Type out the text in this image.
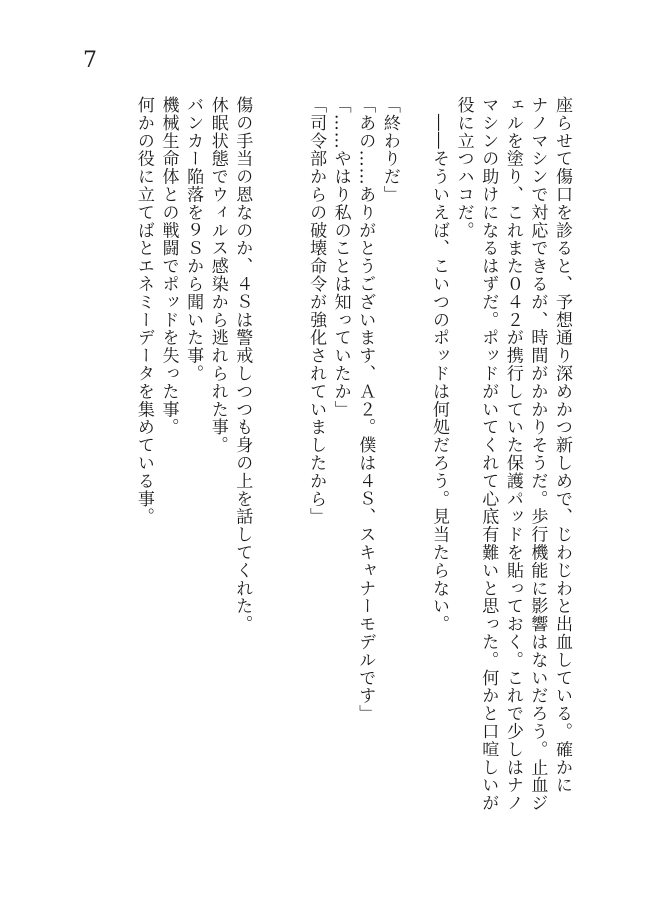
7
座らせて傷口を診ると、予想通り深めかつ新しめで、じわじわと出血している。確かに
ナノマシンで対応できるが、時間がかかりそうだ。歩行機能に影響はないだろう。止血ジ
ェルを塗り、これまた０４２が携行していた保護パッドを貼っておく。これで少しはナノ
マシンの助けになるはずだ。ポッドがいてくれて心底有難いと思った。何かと口喧しいが
役に立つハコだ。
　――そういえば、こいつのポッドは何処だろう。見当たらない。
「終わりだ」
「あの……ありがとうございます、Ａ２。僕は４Ｓ、スキャナーモデルです」
「……やはり私のことは知っていたか」
「司令部からの破壊命令が強化されていましたから」
傷の手当の恩なのか、４Ｓは警戒しつつも身の上を話してくれた。
休眠状態でウィルス感染から逃れられた事。
バンカー陥落を９Ｓから聞いた事。
機械生命体との戦闘でポッドを失った事。
何かの役に立てばとエネミーデータを集めている事。
